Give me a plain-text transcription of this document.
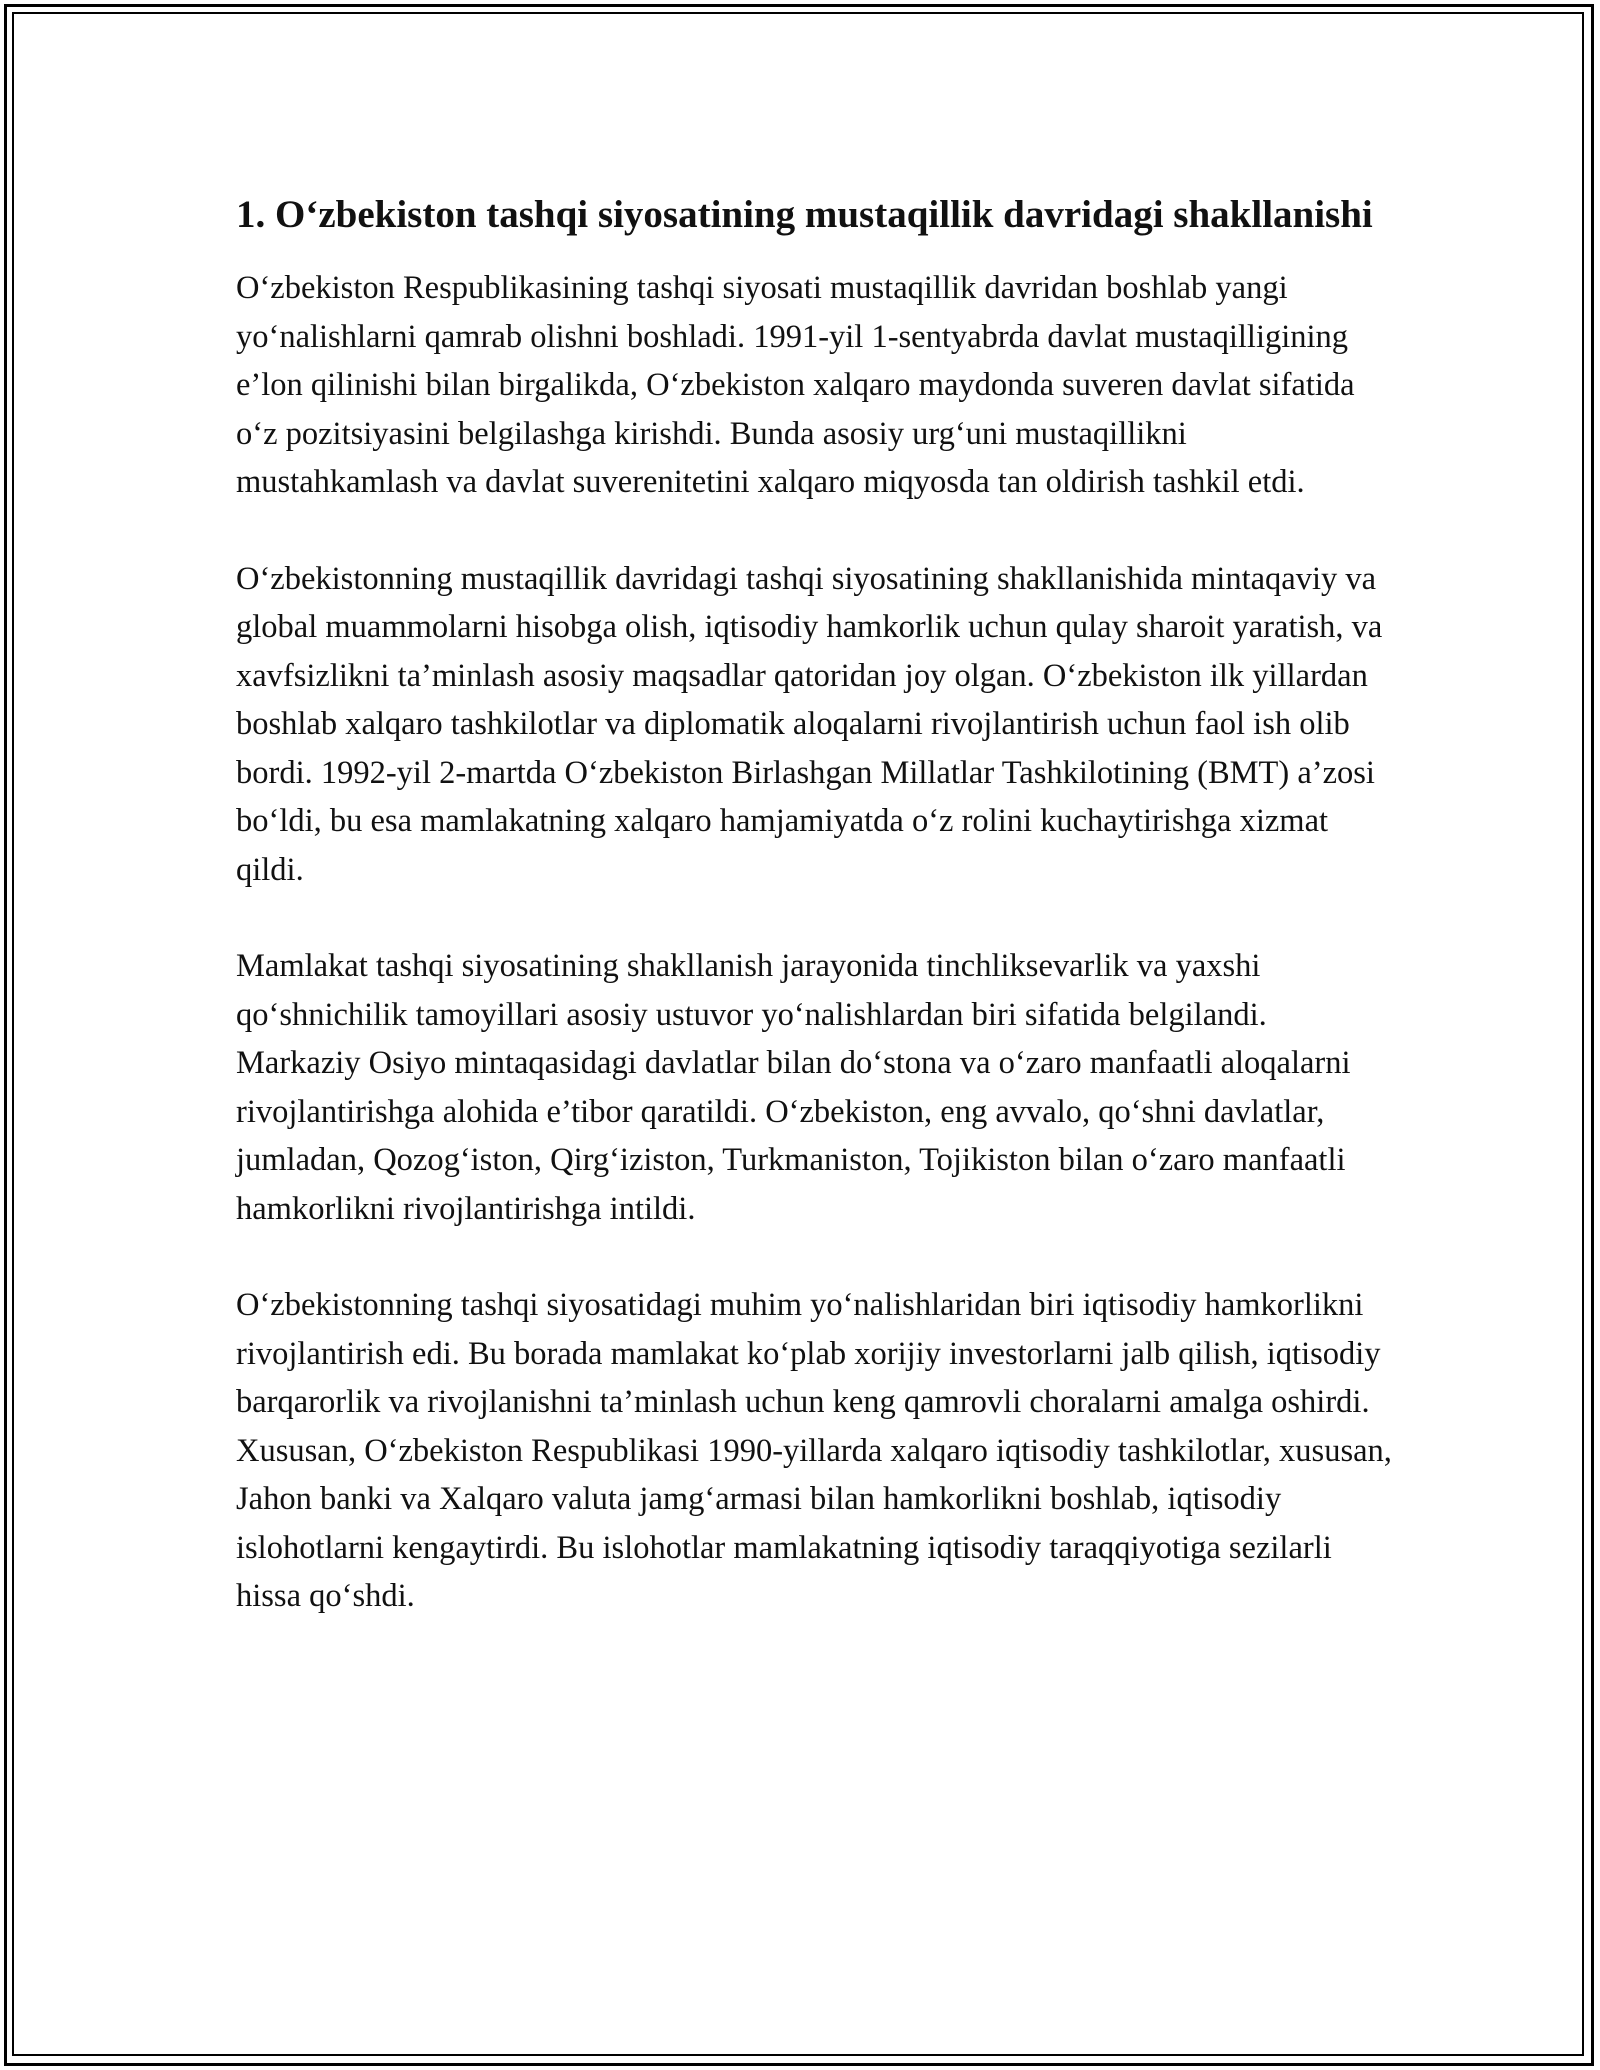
1. O‘zbekiston tashqi siyosatining mustaqillik davridagi shakllanishi

O‘zbekiston Respublikasining tashqi siyosati mustaqillik davridan boshlab yangi yo‘nalishlarni qamrab olishni boshladi. 1991-yil 1-sentyabrda davlat mustaqilligining e’lon qilinishi bilan birgalikda, O‘zbekiston xalqaro maydonda suveren davlat sifatida o‘z pozitsiyasini belgilashga kirishdi. Bunda asosiy urg‘uni mustaqillikni mustahkamlash va davlat suverenitetini xalqaro miqyosda tan oldirish tashkil etdi.

O‘zbekistonning mustaqillik davridagi tashqi siyosatining shakllanishida mintaqaviy va global muammolarni hisobga olish, iqtisodiy hamkorlik uchun qulay sharoit yaratish, va xavfsizlikni ta’minlash asosiy maqsadlar qatoridan joy olgan. O‘zbekiston ilk yillardan boshlab xalqaro tashkilotlar va diplomatik aloqalarni rivojlantirish uchun faol ish olib bordi. 1992-yil 2-martda O‘zbekiston Birlashgan Millatlar Tashkilotining (BMT) a’zosi bo‘ldi, bu esa mamlakatning xalqaro hamjamiyatda o‘z rolini kuchaytirishga xizmat qildi.

Mamlakat tashqi siyosatining shakllanish jarayonida tinchliksevarlik va yaxshi qo‘shnichilik tamoyillari asosiy ustuvor yo‘nalishlardan biri sifatida belgilandi. Markaziy Osiyo mintaqasidagi davlatlar bilan do‘stona va o‘zaro manfaatli aloqalarni rivojlantirishga alohida e’tibor qaratildi. O‘zbekiston, eng avvalo, qo‘shni davlatlar, jumladan, Qozog‘iston, Qirg‘iziston, Turkmaniston, Tojikiston bilan o‘zaro manfaatli hamkorlikni rivojlantirishga intildi.

O‘zbekistonning tashqi siyosatidagi muhim yo‘nalishlaridan biri iqtisodiy hamkorlikni rivojlantirish edi. Bu borada mamlakat ko‘plab xorijiy investorlarni jalb qilish, iqtisodiy barqarorlik va rivojlanishni ta’minlash uchun keng qamrovli choralarni amalga oshirdi. Xususan, O‘zbekiston Respublikasi 1990-yillarda xalqaro iqtisodiy tashkilotlar, xususan, Jahon banki va Xalqaro valuta jamg‘armasi bilan hamkorlikni boshlab, iqtisodiy islohotlarni kengaytirdi. Bu islohotlar mamlakatning iqtisodiy taraqqiyotiga sezilarli hissa qo‘shdi.
